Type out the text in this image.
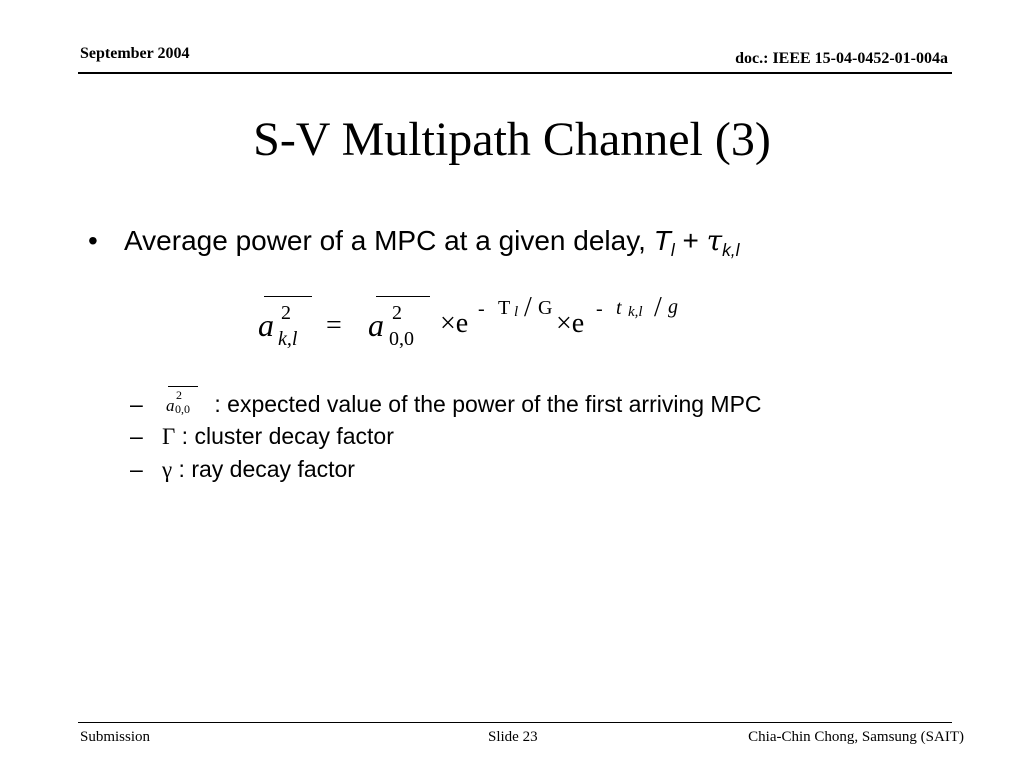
September 2004	doc.: IEEE 15-04-0452-01-004a
S-V Multipath Channel (3)
• Average power of a MPC at a given delay, $T_l + \tau_{k,l}$
a 2
k,l = a 2
0,0 ×e - T l / G ×e - t k,l / g
– a
2
0,0 : expected value of the power of the first arriving MPC
– Γ : cluster decay factor
– γ : ray decay factor
Submission	Slide 23	Chia-Chin Chong, Samsung (SAIT)
